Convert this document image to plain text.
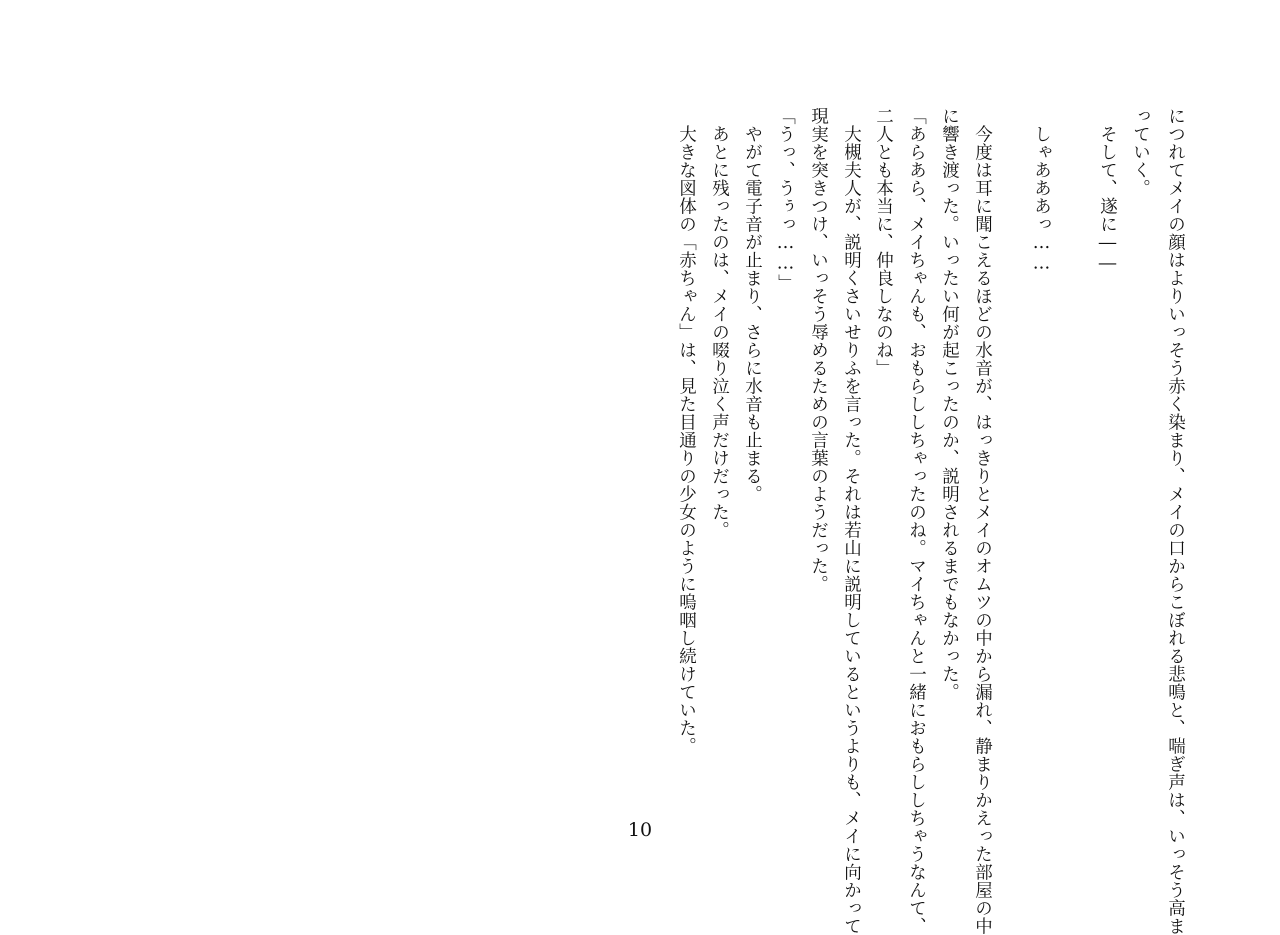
につれてメイの顔はよりいっそう赤く染まり、メイの口からこぼれる悲鳴と、喘ぎ声は、いっそう高ま
っていく。
そして、遂に――
しゃあああっ……
今度は耳に聞こえるほどの水音が、はっきりとメイのオムツの中から漏れ、静まりかえった部屋の中
に響き渡った。いったい何が起こったのか、説明されるまでもなかった。
「あらあら、メイちゃんも、おもらししちゃったのね。マイちゃんと一緒におもらししちゃうなんて、
二人とも本当に、仲良しなのね」
大槻夫人が、説明くさいせりふを言った。それは若山に説明しているというよりも、メイに向かって
現実を突きつけ、いっそう辱めるための言葉のようだった。
「うっ、うぅっ……」
やがて電子音が止まり、さらに水音も止まる。
あとに残ったのは、メイの啜り泣く声だけだった。
大きな図体の「赤ちゃん」は、見た目通りの少女のように嗚咽し続けていた。
10
